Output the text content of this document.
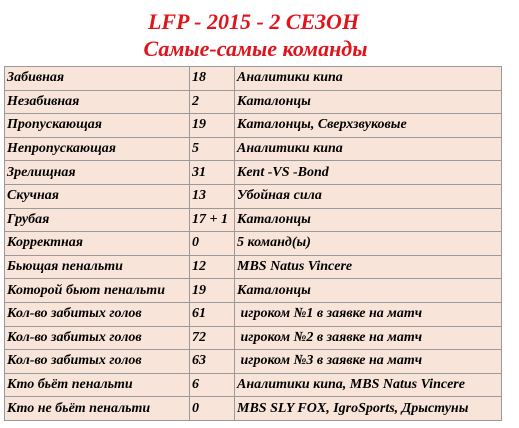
LFP - 2015 - 2 СЕЗОН
Самые-самые команды
Забивная	18	Аналитики кипа
Незабивная	2	Каталонцы
Пропускающая	19	Каталонцы, Сверхзвуковые
Непропускающая	5	Аналитики кипа
Зрелищная	31	Kent -VS -Bond
Скучная	13	Убойная сила
Грубая	17 + 1	Каталонцы
Корректная	0	5 команд(ы)
Бьющая пенальти	12	MBS Natus Vincere
Которой бьют пенальти	19	Каталонцы
Кол-во забитых голов	61	игроком №1 в заявке на матч
Кол-во забитых голов	72	игроком №2 в заявке на матч
Кол-во забитых голов	63	игроком №3 в заявке на матч
Кто бьёт пенальти	6	Аналитики кипа, MBS Natus Vincere
Кто не бьёт пенальти	0	MBS SLY FOX, IgroSports, Дрыстуны
